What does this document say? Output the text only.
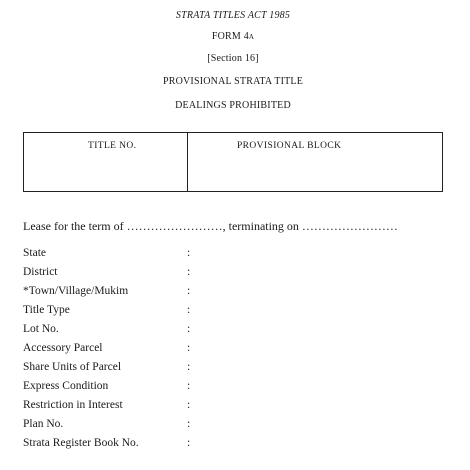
STRATA TITLES ACT 1985
FORM 4A
[Section 16]
PROVISIONAL STRATA TITLE
DEALINGS PROHIBITED
TITLE NO.	PROVISIONAL BLOCK
Lease for the term of ……………………, terminating on ……………………
State	:
District	:
*Town/Village/Mukim	:
Title Type	:
Lot No.	:
Accessory Parcel	:
Share Units of Parcel	:
Express Condition	:
Restriction in Interest	:
Plan No.	:
Strata Register Book No.	:
